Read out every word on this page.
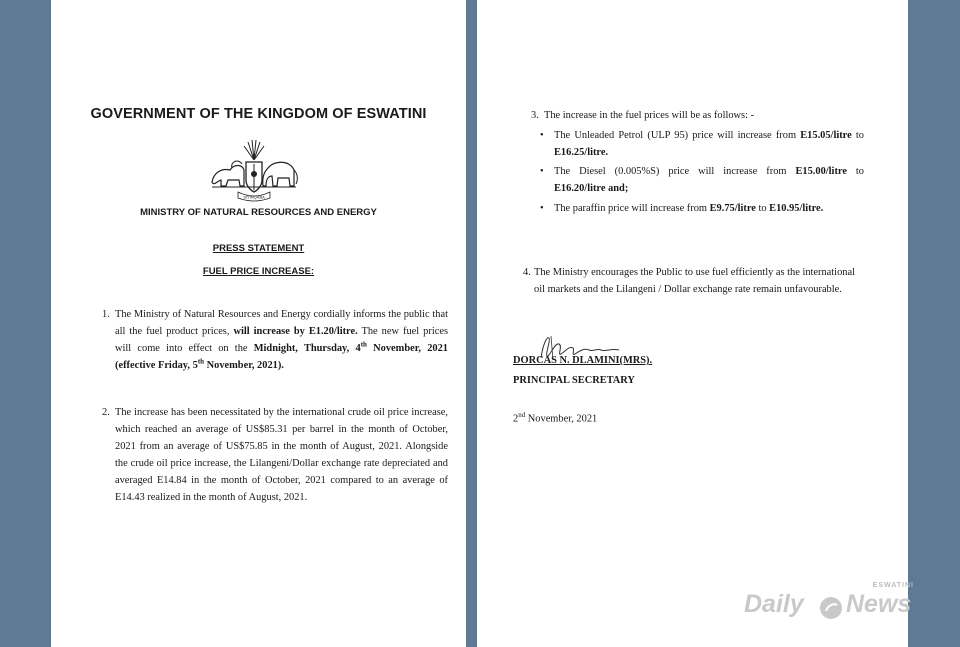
GOVERNMENT OF THE KINGDOM OF ESWATINI
SIYINQABA
MINISTRY OF NATURAL RESOURCES AND ENERGY
PRESS STATEMENT
FUEL PRICE INCREASE:
1. The Ministry of Natural Resources and Energy cordially informs the public that all the fuel product prices, will increase by E1.20/litre. The new fuel prices will come into effect on the Midnight, Thursday, 4th November, 2021 (effective Friday, 5th November, 2021).
2. The increase has been necessitated by the international crude oil price increase, which reached an average of US$85.31 per barrel in the month of October, 2021 from an average of US$75.85 in the month of August, 2021. Alongside the crude oil price increase, the Lilangeni/Dollar exchange rate depreciated and averaged E14.84 in the month of October, 2021 compared to an average of E14.43 realized in the month of August, 2021.
3. The increase in the fuel prices will be as follows: -
• The Unleaded Petrol (ULP 95) price will increase from E15.05/litre to E16.25/litre.
• The Diesel (0.005%S) price will increase from E15.00/litre to E16.20/litre and;
• The paraffin price will increase from E9.75/litre to E10.95/litre.
4. The Ministry encourages the Public to use fuel efficiently as the international oil markets and the Lilangeni / Dollar exchange rate remain unfavourable.
DORCAS N. DLAMINI(MRS).
PRINCIPAL SECRETARY
2nd November, 2021
ESWATINI
Daily News
